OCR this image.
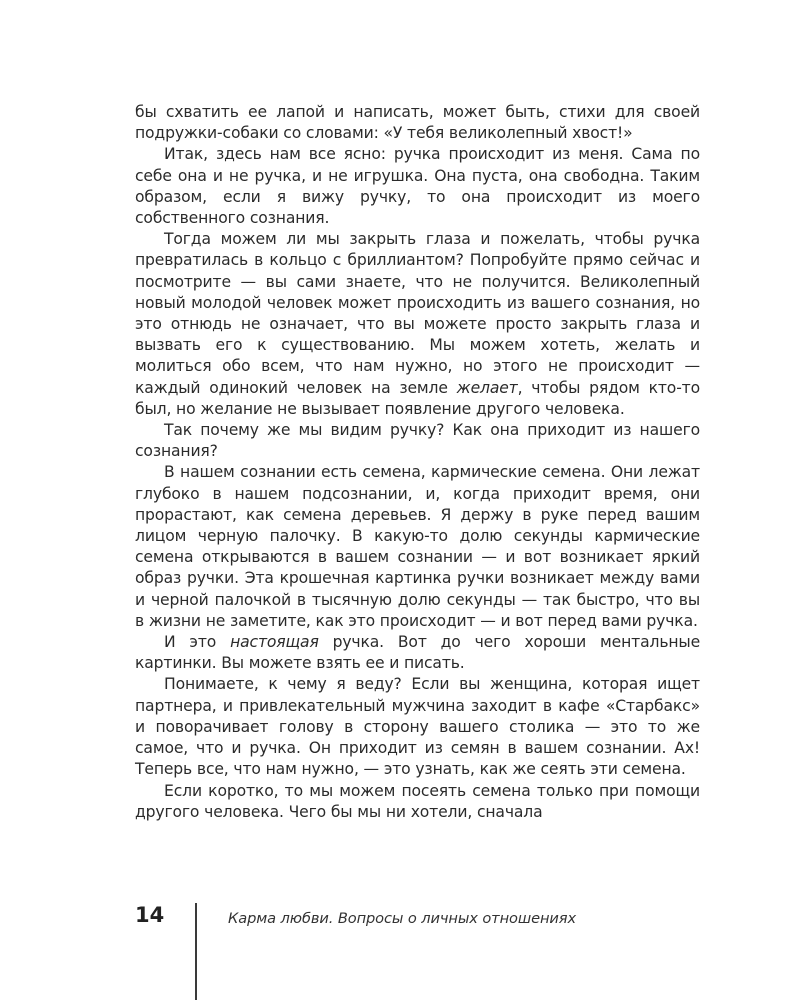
бы схватить ее лапой и написать, может быть, стихи для своей подружки-собаки со словами: «У тебя великолепный хвост!»

Итак, здесь нам все ясно: ручка происходит из меня. Сама по себе она и не ручка, и не игрушка. Она пуста, она свободна. Таким образом, если я вижу ручку, то она происходит из моего собственного сознания.

Тогда можем ли мы закрыть глаза и пожелать, чтобы ручка превратилась в кольцо с бриллиантом? Попробуйте прямо сейчас и посмотрите — вы сами знаете, что не получится. Великолепный новый молодой человек может происходить из вашего сознания, но это отнюдь не означает, что вы можете просто закрыть глаза и вызвать его к существованию. Мы можем хотеть, желать и молиться обо всем, что нам нужно, но этого не происходит — каждый одинокий человек на земле желает, чтобы рядом кто-то был, но желание не вызывает появление другого человека.

Так почему же мы видим ручку? Как она приходит из нашего сознания?

В нашем сознании есть семена, кармические семена. Они лежат глубоко в нашем подсознании, и, когда приходит время, они прорастают, как семена деревьев. Я держу в руке перед вашим лицом черную палочку. В какую-то долю секунды кармические семена открываются в вашем сознании — и вот возникает яркий образ ручки. Эта крошечная картинка ручки возникает между вами и черной палочкой в тысячную долю секунды — так быстро, что вы в жизни не заметите, как это происходит — и вот перед вами ручка.

И это настоящая ручка. Вот до чего хороши ментальные картинки. Вы можете взять ее и писать.

Понимаете, к чему я веду? Если вы женщина, которая ищет партнера, и привлекательный мужчина заходит в кафе «Старбакс» и поворачивает голову в сторону вашего столика — это то же самое, что и ручка. Он приходит из семян в вашем сознании. Ах! Теперь все, что нам нужно, — это узнать, как же сеять эти семена.

Если коротко, то мы можем посеять семена только при помощи другого человека. Чего бы мы ни хотели, сначала

14	Карма любви. Вопросы о личных отношениях
